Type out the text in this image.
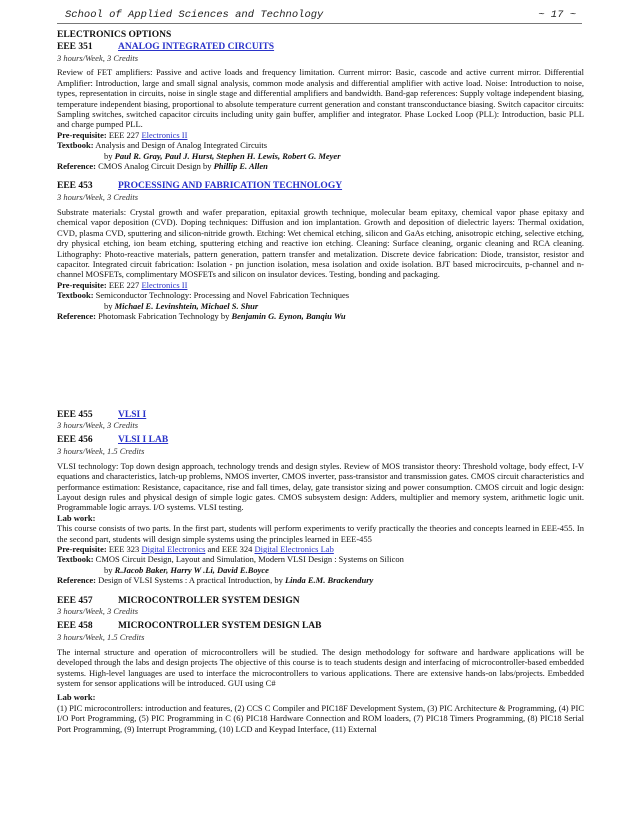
School of Applied Sciences and Technology	~ 17 ~
ELECTRONICS OPTIONS
EEE 351	ANALOG INTEGRATED CIRCUITS
3 hours/Week, 3 Credits
Review of FET amplifiers: Passive and active loads and frequency limitation. Current mirror: Basic, cascode and active current mirror. Differential Amplifier: Introduction, large and small signal analysis, common mode analysis and differential amplifier with active load. Noise: Introduction to noise, types, representation in circuits, noise in single stage and differential amplifiers and bandwidth. Band-gap references: Supply voltage independent biasing, temperature independent biasing, proportional to absolute temperature current generation and constant transconductance biasing. Switch capacitor circuits: Sampling switches, switched capacitor circuits including unity gain buffer, amplifier and integrator. Phase Locked Loop (PLL): Introduction, basic PLL and charge pumped PLL.
Pre-requisite: EEE 227 Electronics II
Textbook: Analysis and Design of Analog Integrated Circuits
by Paul R. Gray, Paul J. Hurst, Stephen H. Lewis, Robert G. Meyer
Reference: CMOS Analog Circuit Design by Phillip E. Allen
EEE 453	PROCESSING AND FABRICATION TECHNOLOGY
3 hours/Week, 3 Credits
Substrate materials: Crystal growth and wafer preparation, epitaxial growth technique, molecular beam epitaxy, chemical vapor phase epitaxy and chemical vapor deposition (CVD). Doping techniques: Diffusion and ion implantation. Growth and deposition of dielectric layers: Thermal oxidation, CVD, plasma CVD, sputtering and silicon-nitride growth. Etching: Wet chemical etching, silicon and GaAs etching, anisotropic etching, selective etching, dry physical etching, ion beam etching, sputtering etching and reactive ion etching. Cleaning: Surface cleaning, organic cleaning and RCA cleaning. Lithography: Photo-reactive materials, pattern generation, pattern transfer and metalization. Discrete device fabrication: Diode, transistor, resistor and capacitor. Integrated circuit fabrication: Isolation - pn junction isolation, mesa isolation and oxide isolation. BJT based microcircuits, p-channel and n-channel MOSFETs, complimentary MOSFETs and silicon on insulator devices. Testing, bonding and packaging.
Pre-requisite: EEE 227 Electronics II
Textbook: Semiconductor Technology: Processing and Novel Fabrication Techniques
by Michael E. Levinshtein, Michael S. Shur
Reference: Photomask Fabrication Technology by Benjamin G. Eynon, Banqiu Wu
EEE 455	VLSI I
3 hours/Week, 3 Credits
EEE 456	VLSI I LAB
3 hours/Week, 1.5 Credits
VLSI technology: Top down design approach, technology trends and design styles. Review of MOS transistor theory: Threshold voltage, body effect, I-V equations and characteristics, latch-up problems, NMOS inverter, CMOS inverter, pass-transistor and transmission gates. CMOS circuit characteristics and performance estimation: Resistance, capacitance, rise and fall times, delay, gate transistor sizing and power consumption. CMOS circuit and logic design: Layout design rules and physical design of simple logic gates. CMOS subsystem design: Adders, multiplier and memory system, arithmetic logic unit. Programmable logic arrays. I/O systems. VLSI testing.
Lab work:
This course consists of two parts. In the first part, students will perform experiments to verify practically the theories and concepts learned in EEE-455. In the second part, students will design simple systems using the principles learned in EEE-455
Pre-requisite: EEE 323 Digital Electronics and EEE 324 Digital Electronics Lab
Textbook: CMOS Circuit Design, Layout and Simulation, Modern VLSI Design : Systems on Silicon
by R.Jacob Baker, Harry W .Li, David E.Boyce
Reference: Design of VLSI Systems : A practical Introduction, by Linda E.M. Brackendury
EEE 457	MICROCONTROLLER SYSTEM DESIGN
3 hours/Week, 3 Credits
EEE 458	MICROCONTROLLER SYSTEM DESIGN LAB
3 hours/Week, 1.5 Credits
The internal structure and operation of microcontrollers will be studied. The design methodology for software and hardware applications will be developed through the labs and design projects The objective of this course is to teach students design and interfacing of microcontroller-based embedded systems. High-level languages are used to interface the microcontrollers to various applications. There are extensive hands-on labs/projects. Embedded system for sensor applications will be introduced. GUI using C#
Lab work:
(1) PIC microcontrollers: introduction and features, (2) CCS C Compiler and PIC18F Development System, (3) PIC Architecture & Programming, (4) PIC I/O Port Programming, (5) PIC Programming in C (6) PIC18 Hardware Connection and ROM loaders, (7) PIC18 Timers Programming, (8) PIC18 Serial Port Programming, (9) Interrupt Programming, (10) LCD and Keypad Interface, (11) External
